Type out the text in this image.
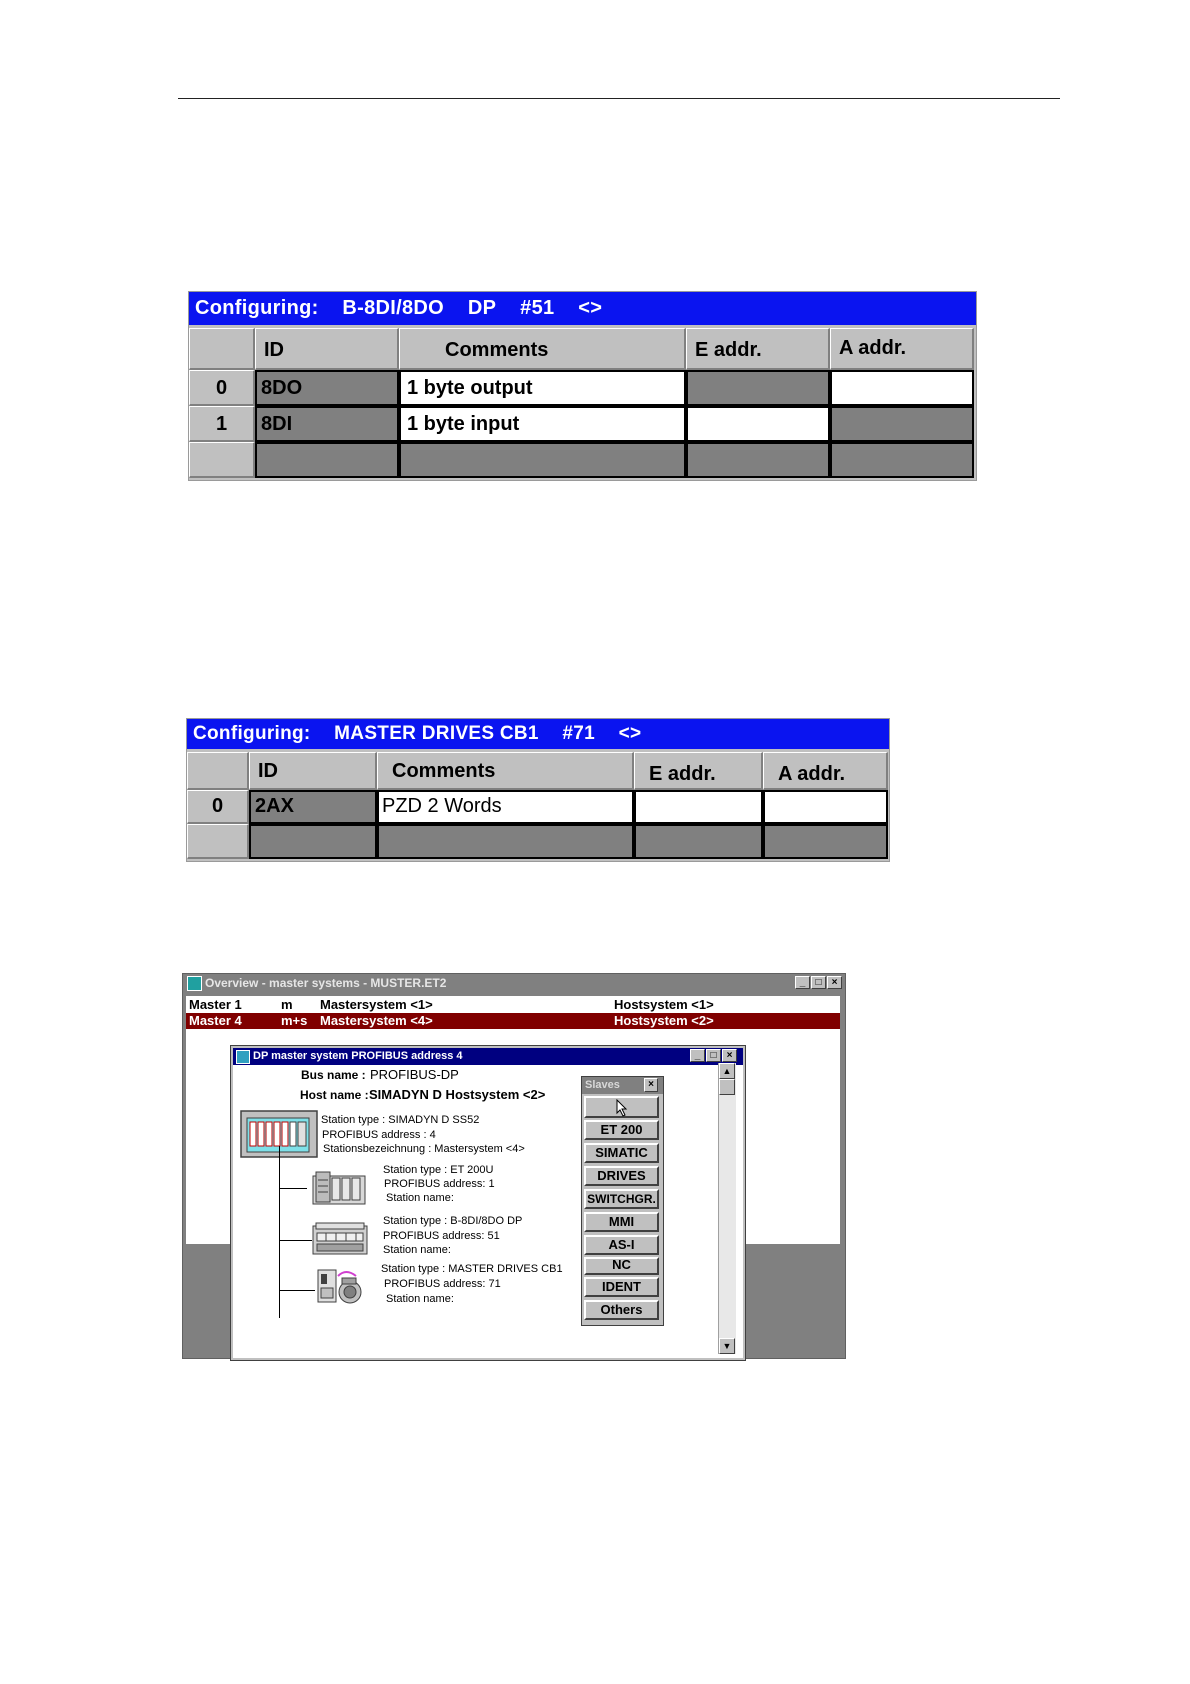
Configuring: B-8DI/8DO DP #51 <>
ID	Comments	E addr.	A addr.
0	8DO	1 byte output
1	8DI	1 byte input
Configuring: MASTER DRIVES CB1 #71 <>
ID	Comments	E addr.	A addr.
0	2AX	PZD 2 Words
Overview - master systems - MUSTER.ET2	_	□	×
Master 1	m Mastersystem <1>	Hostsystem <1>
Master 4	m+s Mastersystem <4>	Hostsystem <2>
DP master system PROFIBUS address 4	_	□	×
Bus name : PROFIBUS-DP
Host name : SIMADYN D Hostsystem <2>
Station type : SIMADYN D SS52
PROFIBUS address : 4
Stationsbezeichnung : Mastersystem <4>
Station type : ET 200U
PROFIBUS address: 1
Station name:
Station type : B-8DI/8DO DP
PROFIBUS address: 51
Station name:
Station type : MASTER DRIVES CB1
PROFIBUS address: 71
Station name:
Slaves	×
ET 200
SIMATIC
DRIVES
SWITCHGR.
MMI
AS-I
NC
IDENT
Others
▲
▼
